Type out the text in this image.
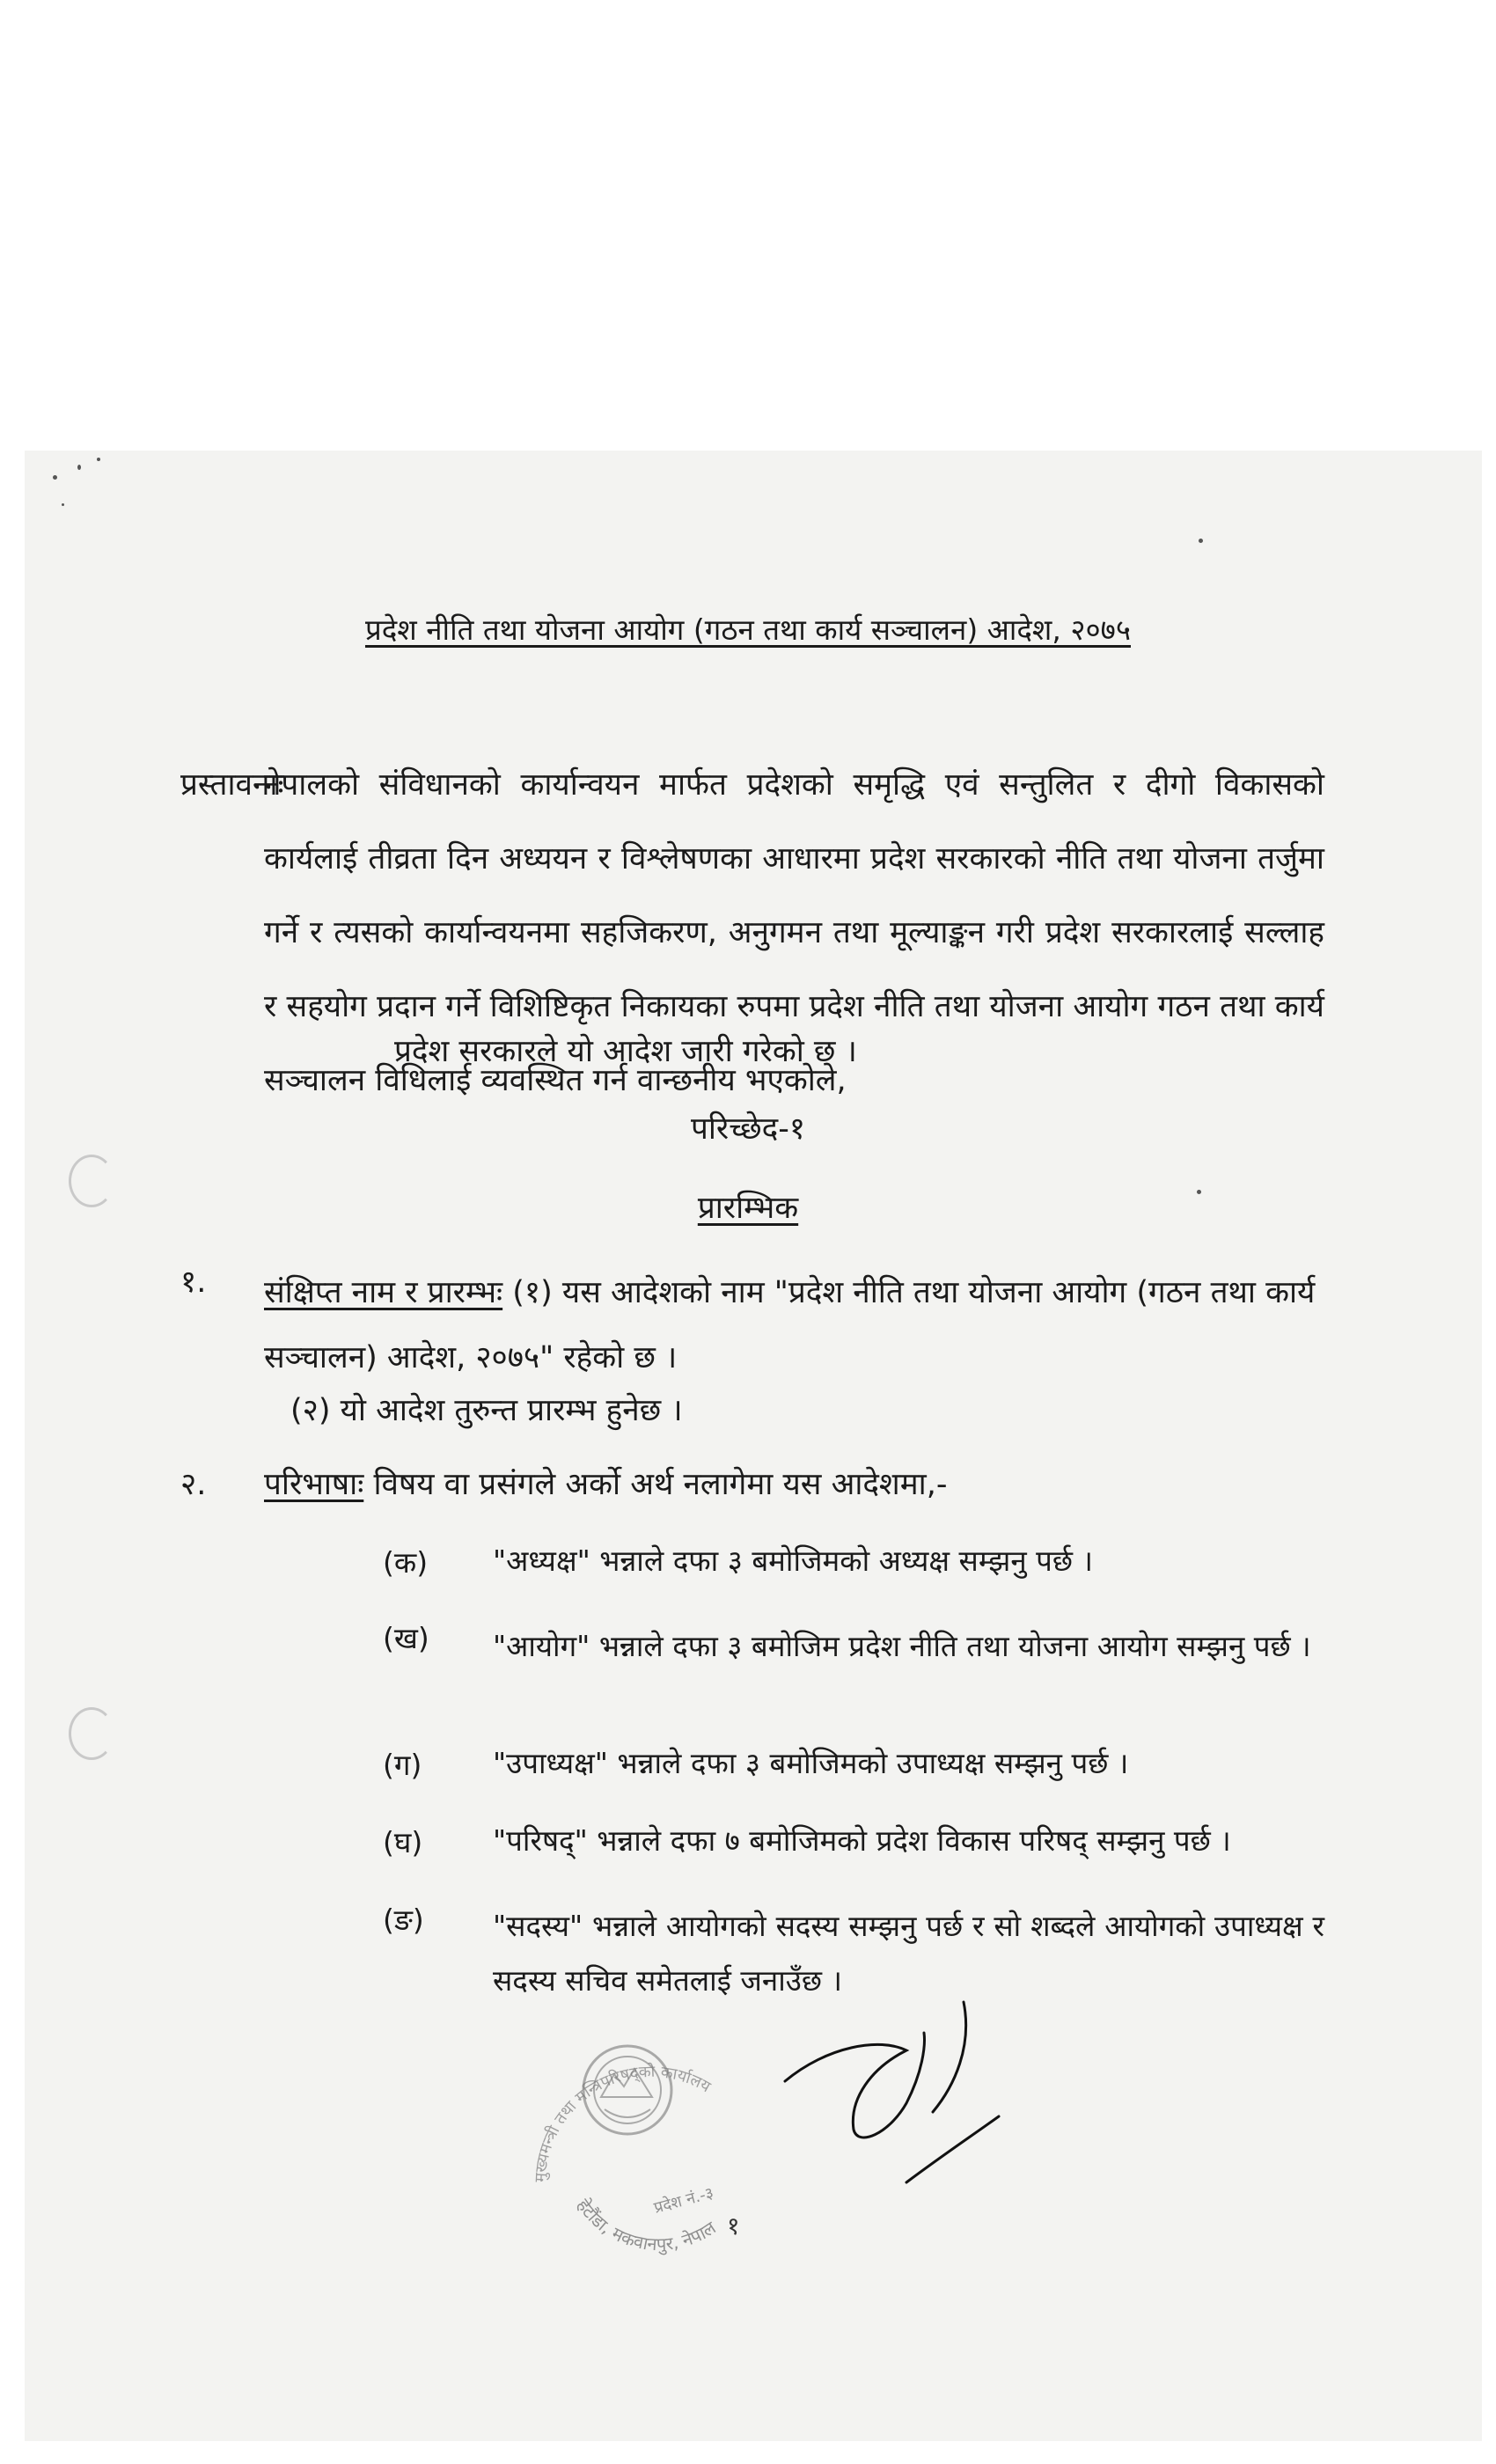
प्रदेश नीति तथा योजना आयोग (गठन तथा कार्य सञ्चालन) आदेश, २०७५
प्रस्तावनाः
नेपालको संविधानको कार्यान्वयन मार्फत प्रदेशको समृद्धि एवं सन्तुलित र दीगो विकासको कार्यलाई तीव्रता दिन अध्ययन र विश्लेषणका आधारमा प्रदेश सरकारको नीति तथा योजना तर्जुमा गर्ने र त्यसको कार्यान्वयनमा सहजिकरण, अनुगमन तथा मूल्याङ्कन गरी प्रदेश सरकारलाई सल्लाह र सहयोग प्रदान गर्ने विशिष्टिकृत निकायका रुपमा प्रदेश नीति तथा योजना आयोग गठन तथा कार्य सञ्चालन विधिलाई व्यवस्थित गर्न वान्छनीय भएकोले,
प्रदेश सरकारले यो आदेश जारी गरेको छ ।
परिच्छेद-१
प्रारम्भिक
१. संक्षिप्त नाम र प्रारम्भः (१) यस आदेशको नाम "प्रदेश नीति तथा योजना आयोग (गठन तथा कार्य सञ्चालन) आदेश, २०७५" रहेको छ ।
(२) यो आदेश तुरुन्त प्रारम्भ हुनेछ ।
२. परिभाषाः विषय वा प्रसंगले अर्को अर्थ नलागेमा यस आदेशमा,-
(क) "अध्यक्ष" भन्नाले दफा ३ बमोजिमको अध्यक्ष सम्झनु पर्छ ।
(ख) "आयोग" भन्नाले दफा ३ बमोजिम प्रदेश नीति तथा योजना आयोग सम्झनु पर्छ ।
(ग) "उपाध्यक्ष" भन्नाले दफा ३ बमोजिमको उपाध्यक्ष सम्झनु पर्छ ।
(घ) "परिषद्" भन्नाले दफा ७ बमोजिमको प्रदेश विकास परिषद् सम्झनु पर्छ ।
(ङ) "सदस्य" भन्नाले आयोगको सदस्य सम्झनु पर्छ र सो शब्दले आयोगको उपाध्यक्ष र सदस्य सचिव समेतलाई जनाउँछ ।
मुख्यमन्त्री तथा मन्त्रिपरिषद्को कार्यालय
हेटौंडा, मकवानपुर, नेपाल
प्रदेश नं.-३
१
